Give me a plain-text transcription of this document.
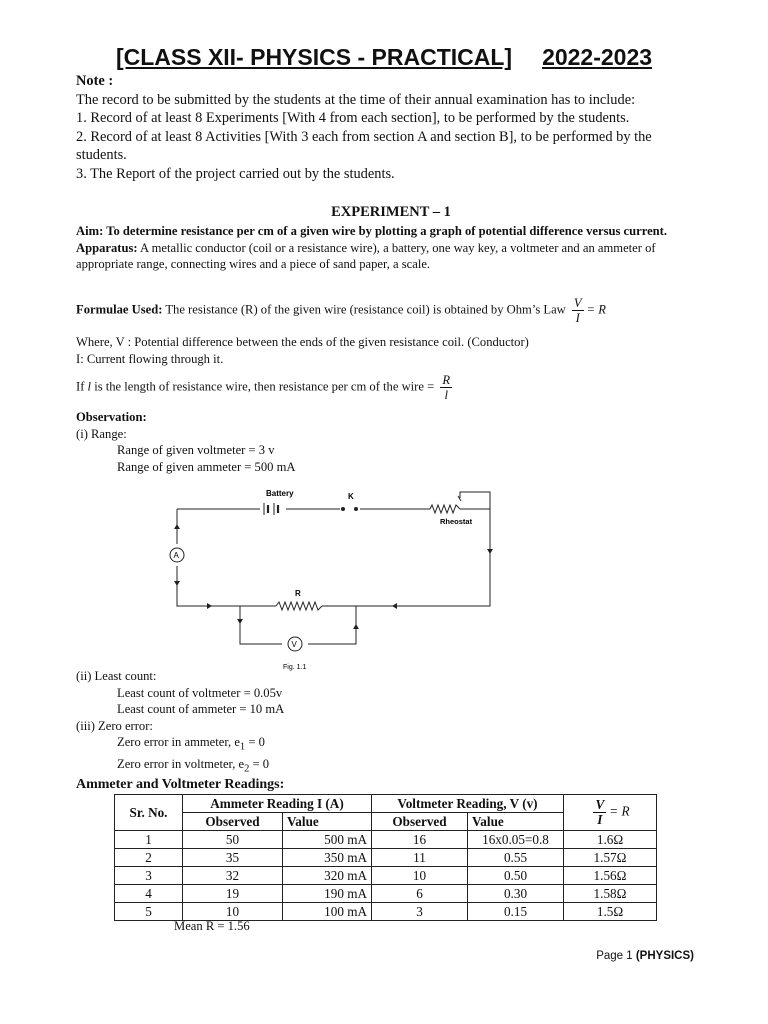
[CLASS XII- PHYSICS - PRACTICAL] 2022-2023
Note :
The record to be submitted by the students at the time of their annual examination has to include:
1. Record of at least 8 Experiments [With 4 from each section], to be performed by the students.
2. Record of at least 8 Activities [With 3 each from section A and section B], to be performed by the students.
3. The Report of the project carried out by the students.
EXPERIMENT – 1
Aim: To determine resistance per cm of a given wire by plotting a graph of potential difference versus current.
Apparatus: A metallic conductor (coil or a resistance wire), a battery, one way key, a voltmeter and an ammeter of appropriate range, connecting wires and a piece of sand paper, a scale.
Formulae Used: The resistance (R) of the given wire (resistance coil) is obtained by Ohm’s Law $\frac{V}{I} = R$
Where, V : Potential difference between the ends of the given resistance coil. (Conductor)
I: Current flowing through it.
If l is the length of resistance wire, then resistance per cm of the wire = $\frac{R}{l}$
Observation:
(i) Range:
Range of given voltmeter = 3 v
Range of given ammeter = 500 mA
Battery	K
Rheostat
A
R
V
Fig. 1.1
(ii) Least count:
Least count of voltmeter = 0.05v
Least count of ammeter = 10 mA
(iii) Zero error:
Zero error in ammeter, $e_1 = 0$
Zero error in voltmeter, $e_2 = 0$
Ammeter and Voltmeter Readings:
Sr. No.	Ammeter Reading I (A)		Voltmeter Reading, V (v)		$\frac{V}{I} = R$
	Observed	Value	Observed	Value	
1	50	500 mA	16	16x0.05=0.8	1.6Ω
2	35	350 mA	11	0.55	1.57Ω
3	32	320 mA	10	0.50	1.56Ω
4	19	190 mA	6	0.30	1.58Ω
5	10	100 mA	3	0.15	1.5Ω
Mean R = 1.56
Page 1 (PHYSICS)
